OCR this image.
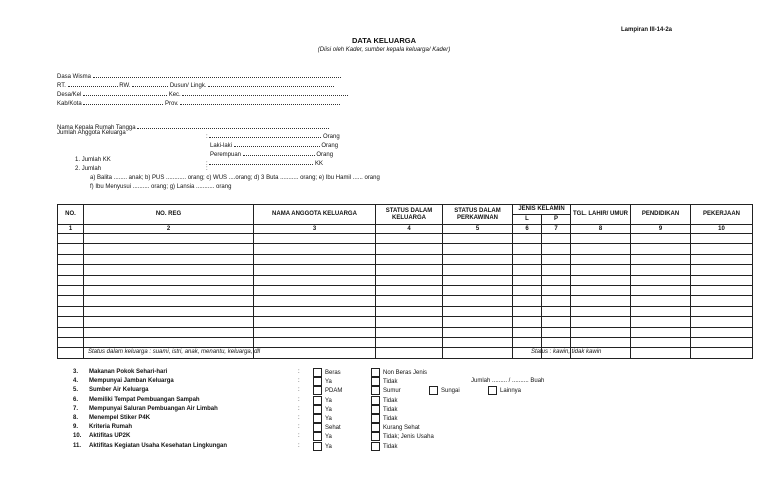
Lampiran III-14-2a
DATA KELUARGA
(Diisi oleh Kader, sumber kepala keluarga/ Kader)
Dasa Wisma
RT.	RW.	Dusun/ Lingk.
Desa/Kel	Kec.
Kab/Kota	Prov.
Nama Kepala Rumah Tangga
Jumlah Anggota Keluarga
:	Orang
Laki-laki	Orang
Perempuan	Orang
1. Jumlah KK
:	KK
2. Jumlah	:
a) Balita ........ anak; b) PUS ............ orang; c) WUS ....orang; d) 3 Buta ........... orang; e) Ibu Hamil ...... orang
f) Ibu Menyusui .......... orang; g) Lansia ........... orang
NO.	NO. REG	NAMA ANGGOTA KELUARGA	STATUS DALAM KELUARGA	STATUS DALAM PERKAWINAN	JENIS KELAMIN		TGL. LAHIR/ UMUR	PENDIDIKAN	PEKERJAAN
					L	P			
1	2	3	4	5	6	7	8	9	10

Status dalam keluarga : suami, istri, anak, menantu, keluarga, dll	Status : kawin, tidak kawin
3. Makanan Pokok Sehari-hari	:	Beras	Non Beras Jenis
4. Mempunyai Jamban Keluarga	:	Ya	Tidak	Jumlah ......... / .......... Buah
5. Sumber Air Keluarga	:	PDAM	Sumur	Sungai	Lainnya
6. Memiliki Tempat Pembuangan Sampah	:	Ya	Tidak
7. Mempunyai Saluran Pembuangan Air Limbah	:	Ya	Tidak
8. Menempel Stiker P4K	:	Ya	Tidak
9. Kriteria Rumah	:	Sehat	Kurang Sehat
10. Aktifitas UP2K	:	Ya	Tidak; Jenis Usaha
11. Aktifitas Kegiatan Usaha Kesehatan Lingkungan	:	Ya	Tidak
